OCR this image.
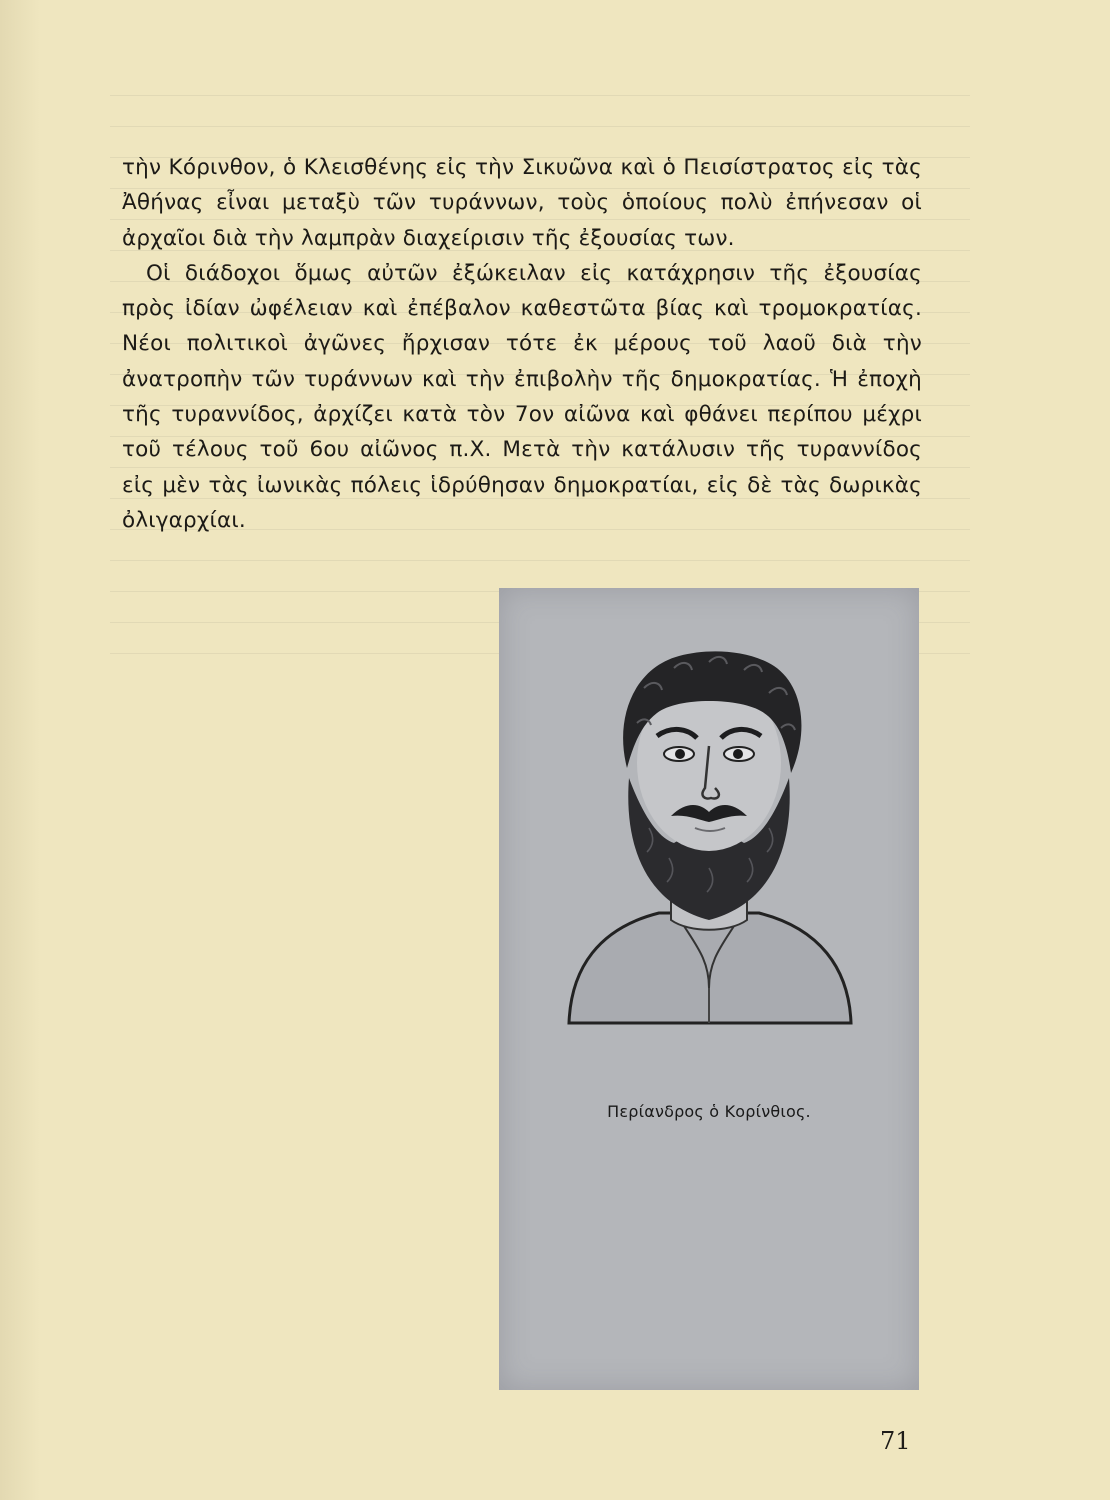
τὴν Κόρινθον, ὁ Κλεισθένης εἰς τὴν Σικυῶνα καὶ ὁ Πεισίστρατος εἰς τὰς Ἀθήνας εἶναι μεταξὺ τῶν τυράννων, τοὺς ὁποίους πολὺ ἐπήνεσαν οἱ ἀρχαῖοι διὰ τὴν λαμπρὰν διαχείρισιν τῆς ἐξουσίας των.

Οἱ διάδοχοι ὅμως αὐτῶν ἐξώκειλαν εἰς κατάχρησιν τῆς ἐξουσίας πρὸς ἰδίαν ὠφέλειαν καὶ ἐπέβαλον καθεστῶτα βίας καὶ τρομοκρατίας. Νέοι πολιτικοὶ ἀγῶνες ἤρχισαν τότε ἐκ μέρους τοῦ λαοῦ διὰ τὴν ἀνατροπὴν τῶν τυράννων καὶ τὴν ἐπιβολὴν τῆς δημοκρατίας. Ἡ ἐποχὴ τῆς τυραννίδος, ἀρχίζει κατὰ τὸν 7ον αἰῶνα καὶ φθάνει περίπου μέχρι τοῦ τέλους τοῦ 6ου αἰῶνος π.Χ. Μετὰ τὴν κατάλυσιν τῆς τυραννίδος εἰς μὲν τὰς ἰωνικὰς πόλεις ἱδρύθησαν δημοκρατίαι, εἰς δὲ τὰς δωρικὰς ὀλιγαρχίαι.

Περίανδρος ὁ Κορίνθιος.
71
